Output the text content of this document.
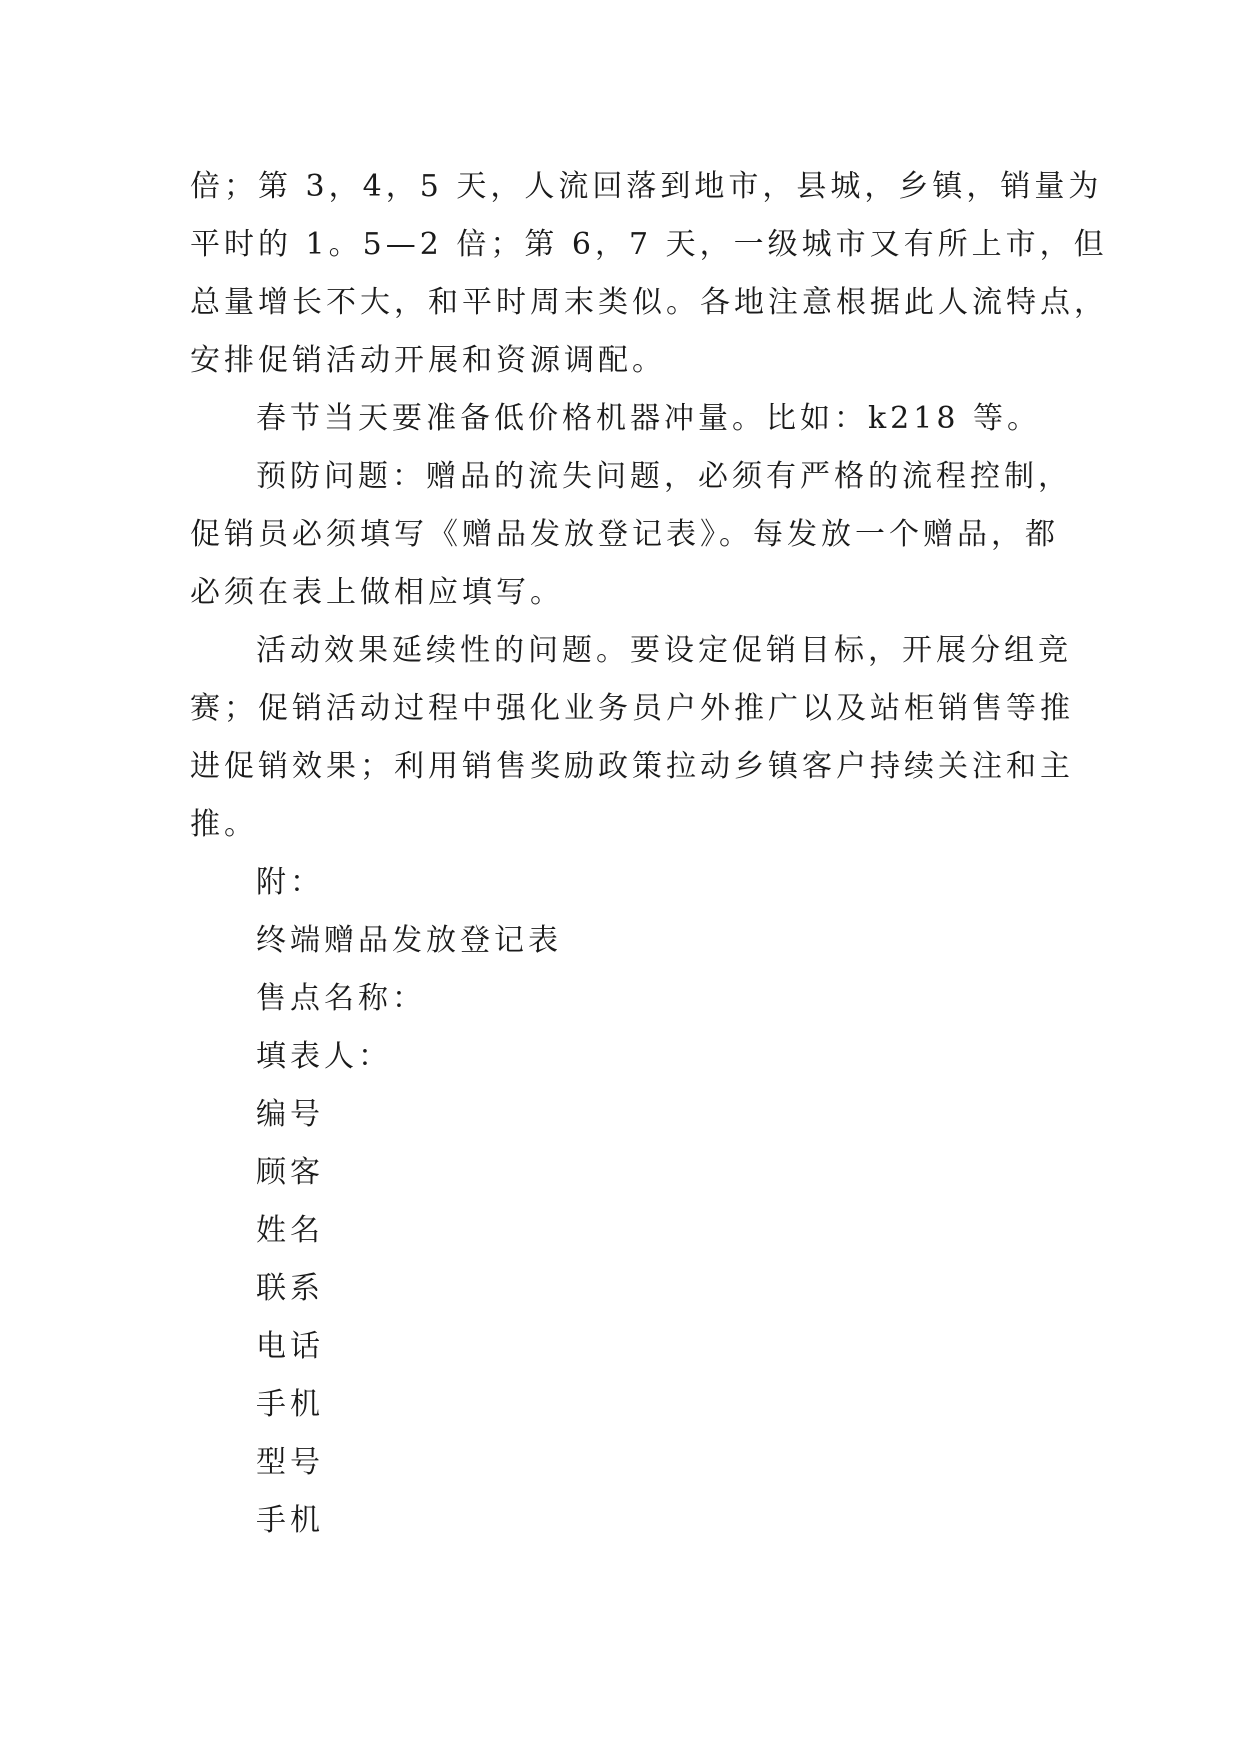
倍；第 3，4，5 天，人流回落到地市，县城，乡镇，销量为
平时的 1。5—2 倍；第 6，7 天，一级城市又有所上市，但
总量增长不大，和平时周末类似。各地注意根据此人流特点，
安排促销活动开展和资源调配。

春节当天要准备低价格机器冲量。比如：k218 等。

预防问题：赠品的流失问题，必须有严格的流程控制，
促销员必须填写《赠品发放登记表》。每发放一个赠品，都
必须在表上做相应填写。

活动效果延续性的问题。要设定促销目标，开展分组竞
赛；促销活动过程中强化业务员户外推广以及站柜销售等推
进促销效果；利用销售奖励政策拉动乡镇客户持续关注和主
推。

附：

终端赠品发放登记表

售点名称：

填表人：

编号

顾客

姓名

联系

电话

手机

型号

手机
